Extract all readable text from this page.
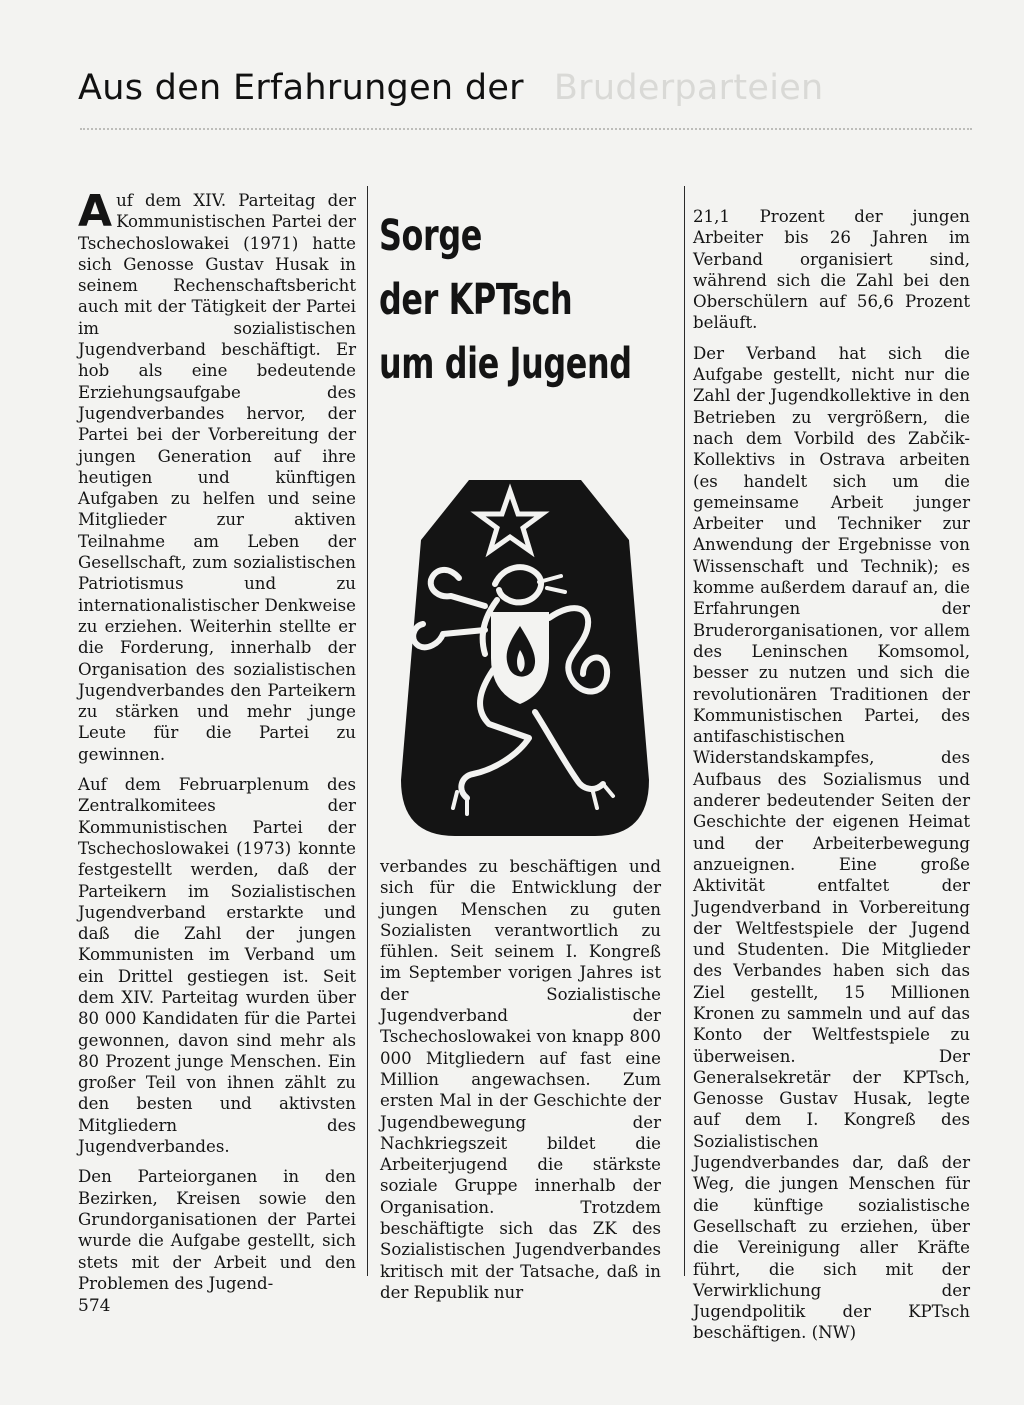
Aus den Erfahrungen der Bruderparteien

Auf dem XIV. Parteitag der Kommunistischen Partei der Tschechoslowakei (1971) hatte sich Genosse Gustav Husak in seinem Rechenschaftsbericht auch mit der Tätigkeit der Partei im sozialistischen Jugendverband beschäftigt. Er hob als eine bedeutende Erziehungsaufgabe des Jugendverbandes hervor, der Partei bei der Vorbereitung der jungen Generation auf ihre heutigen und künftigen Aufgaben zu helfen und seine Mitglieder zur aktiven Teilnahme am Leben der Gesellschaft, zum sozialistischen Patriotismus und zu internationalistischer Denkweise zu erziehen. Weiterhin stellte er die Forderung, innerhalb der Organisation des sozialistischen Jugendverbandes den Parteikern zu stärken und mehr junge Leute für die Partei zu gewinnen.

Auf dem Februarplenum des Zentralkomitees der Kommunistischen Partei der Tschechoslowakei (1973) konnte festgestellt werden, daß der Parteikern im Sozialistischen Jugendverband erstarkte und daß die Zahl der jungen Kommunisten im Verband um ein Drittel gestiegen ist. Seit dem XIV. Parteitag wurden über 80 000 Kandidaten für die Partei gewonnen, davon sind mehr als 80 Prozent junge Menschen. Ein großer Teil von ihnen zählt zu den besten und aktivsten Mitgliedern des Jugendverbandes.

Den Parteiorganen in den Bezirken, Kreisen sowie den Grundorganisationen der Partei wurde die Aufgabe gestellt, sich stets mit der Arbeit und den Problemen des Jugend-

Sorge
der KPTsch
um die Jugend

verbandes zu beschäftigen und sich für die Entwicklung der jungen Menschen zu guten Sozialisten verantwortlich zu fühlen. Seit seinem I. Kongreß im September vorigen Jahres ist der Sozialistische Jugendverband der Tschechoslowakei von knapp 800 000 Mitgliedern auf fast eine Million angewachsen. Zum ersten Mal in der Geschichte der Jugendbewegung der Nachkriegszeit bildet die Arbeiterjugend die stärkste soziale Gruppe innerhalb der Organisation. Trotzdem beschäftigte sich das ZK des Sozialistischen Jugendverbandes kritisch mit der Tatsache, daß in der Republik nur

21,1 Prozent der jungen Arbeiter bis 26 Jahren im Verband organisiert sind, während sich die Zahl bei den Oberschülern auf 56,6 Prozent beläuft.

Der Verband hat sich die Aufgabe gestellt, nicht nur die Zahl der Jugendkollektive in den Betrieben zu vergrößern, die nach dem Vorbild des Zabčik-Kollektivs in Ostrava arbeiten (es handelt sich um die gemeinsame Arbeit junger Arbeiter und Techniker zur Anwendung der Ergebnisse von Wissenschaft und Technik); es komme außerdem darauf an, die Erfahrungen der Bruderorganisationen, vor allem des Leninschen Komsomol, besser zu nutzen und sich die revolutionären Traditionen der Kommunistischen Partei, des antifaschistischen Widerstandskampfes, des Aufbaus des Sozialismus und anderer bedeutender Seiten der Geschichte der eigenen Heimat und der Arbeiterbewegung anzueignen. Eine große Aktivität entfaltet der Jugendverband in Vorbereitung der Weltfestspiele der Jugend und Studenten. Die Mitglieder des Verbandes haben sich das Ziel gestellt, 15 Millionen Kronen zu sammeln und auf das Konto der Weltfestspiele zu überweisen. Der Generalsekretär der KPTsch, Genosse Gustav Husak, legte auf dem I. Kongreß des Sozialistischen Jugendverbandes dar, daß der Weg, die jungen Menschen für die künftige sozialistische Gesellschaft zu erziehen, über die Vereinigung aller Kräfte führt, die sich mit der Verwirklichung der Jugendpolitik der KPTsch beschäftigen. (NW)

574
